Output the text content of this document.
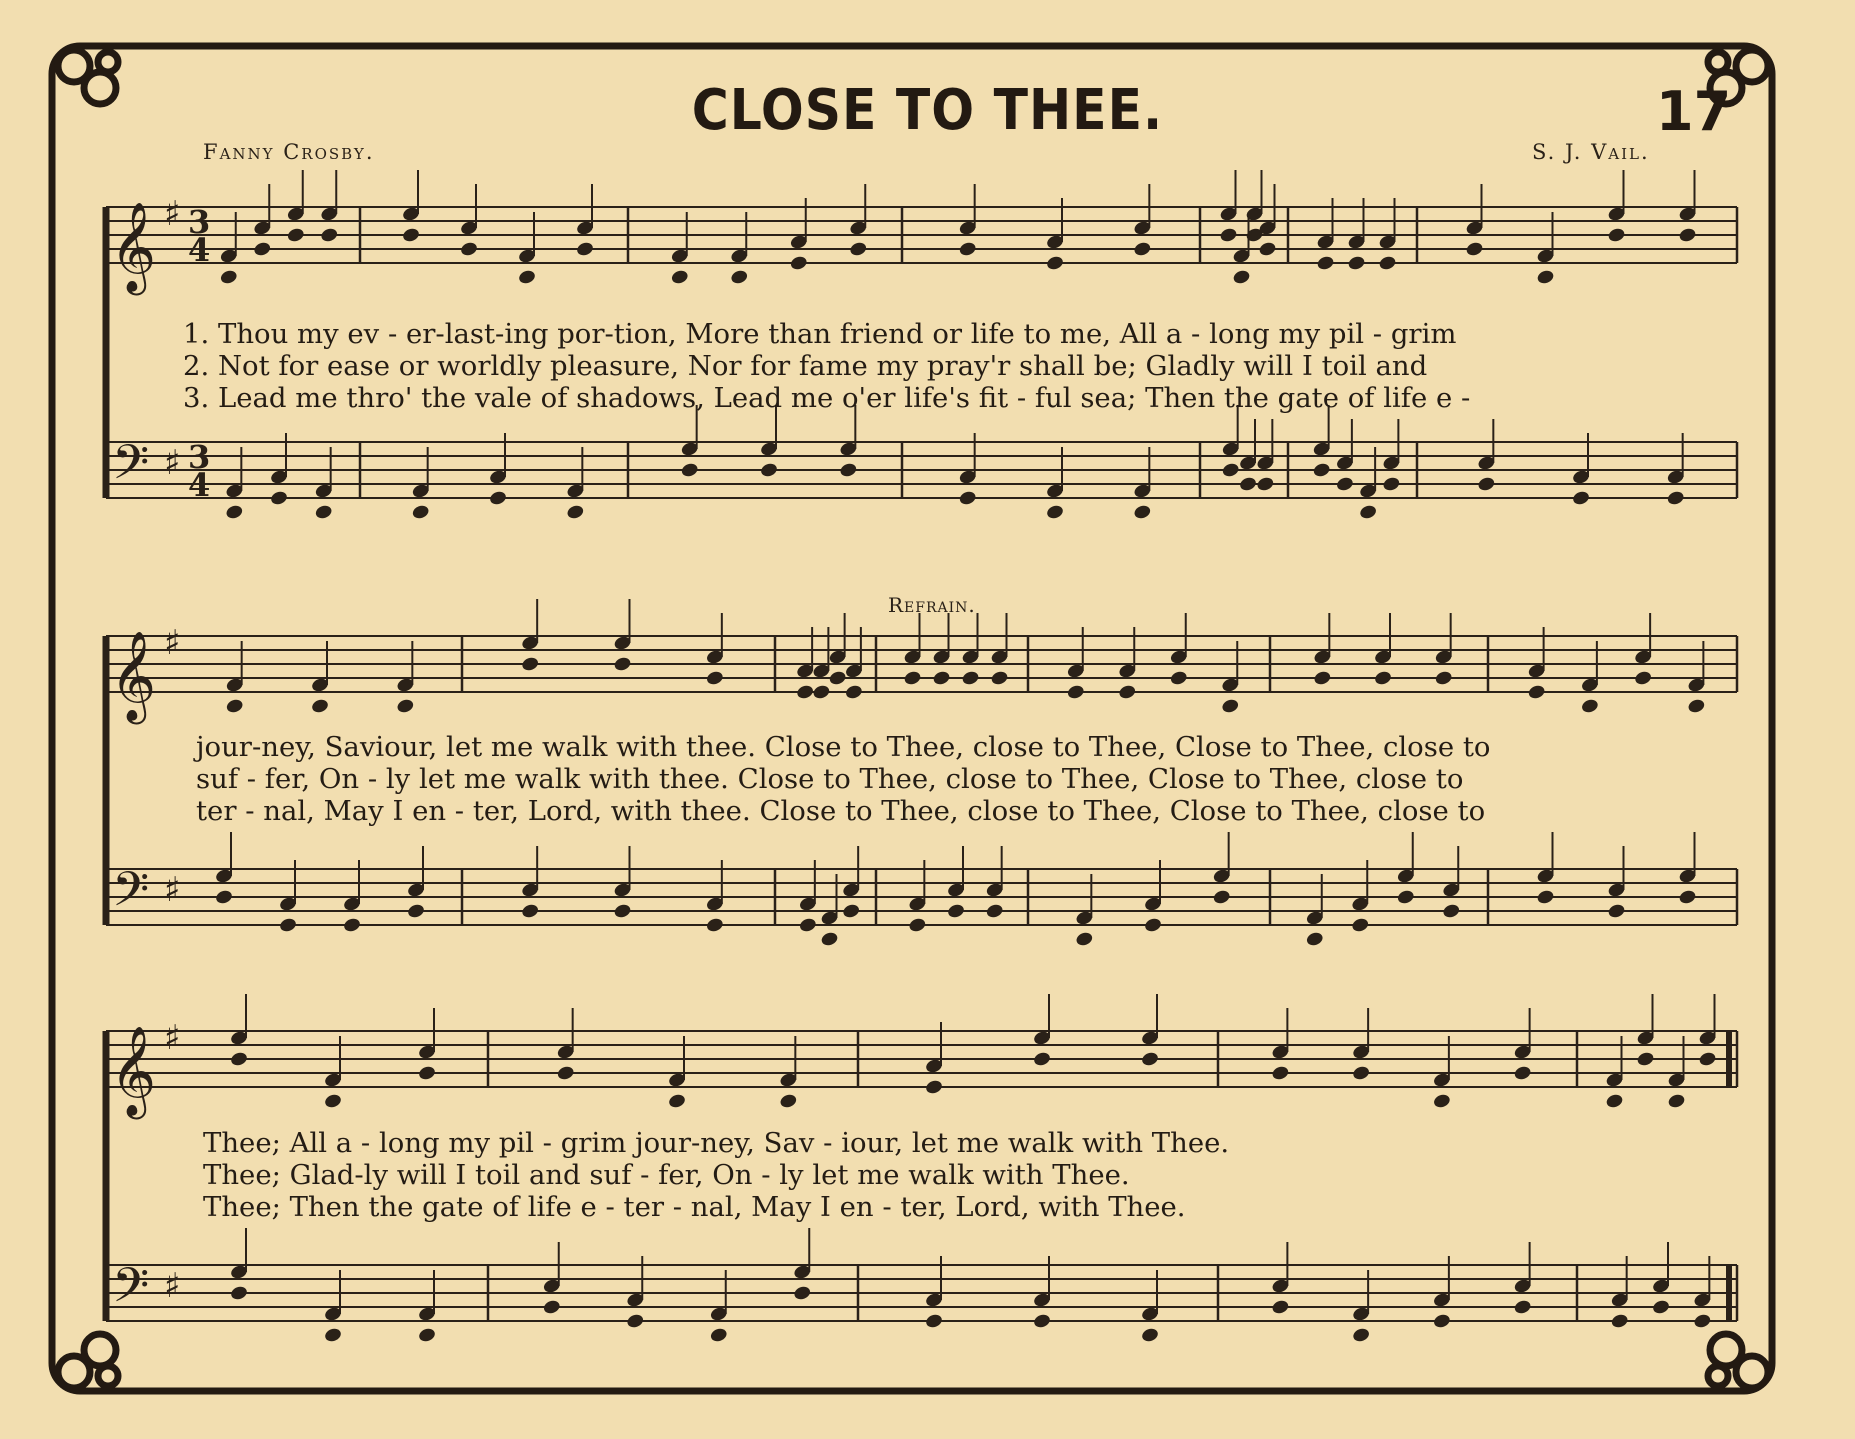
𝄞 ♯ 3
4
𝄢 ♯ 3
4
𝄞 ♯
𝄢 ♯
𝄞 ♯
𝄢 ♯
CLOSE TO THEE.	17
Fanny Crosby.	S. J. Vail.
Refrain.
1. Thou my ev - er-last-ing por-tion, More than friend or life to me, All a - long my pil - grim
2. Not for ease or worldly pleasure, Nor for fame my pray'r shall be; Gladly will I toil and
3. Lead me thro' the vale of shadows, Lead me o'er life's fit - ful sea; Then the gate of life e -
jour-ney, Saviour, let me walk with thee. Close to Thee, close to Thee, Close to Thee, close to
suf - fer, On - ly let me walk with thee. Close to Thee, close to Thee, Close to Thee, close to
ter - nal, May I en - ter, Lord, with thee. Close to Thee, close to Thee, Close to Thee, close to
Thee; All a - long my pil - grim jour-ney, Sav - iour, let me walk with Thee.
Thee; Glad-ly will I toil and suf - fer, On - ly let me walk with Thee.
Thee; Then the gate of life e - ter - nal, May I en - ter, Lord, with Thee.
